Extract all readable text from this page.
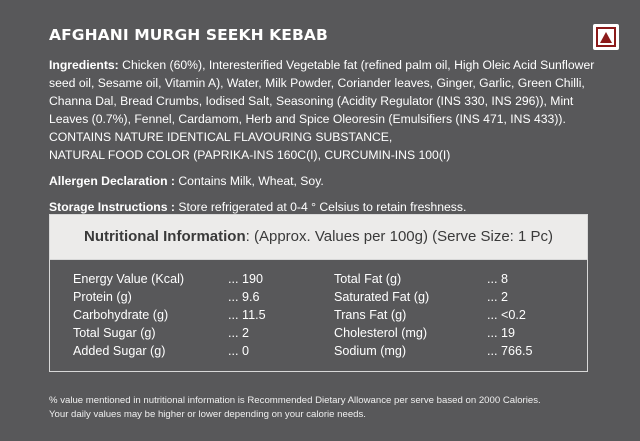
AFGHANI MURGH SEEKH KEBAB

Ingredients: Chicken (60%), Interesterified Vegetable fat (refined palm oil, High Oleic Acid Sunflower seed oil, Sesame oil, Vitamin A), Water, Milk Powder, Coriander leaves, Ginger, Garlic, Green Chilli, Channa Dal, Bread Crumbs, Iodised Salt, Seasoning (Acidity Regulator (INS 330, INS 296)), Mint Leaves (0.7%), Fennel, Cardamom, Herb and Spice Oleoresin (Emulsifiers (INS 471, INS 433)).

CONTAINS NATURE IDENTICAL FLAVOURING SUBSTANCE,

NATURAL FOOD COLOR (PAPRIKA-INS 160C(I), CURCUMIN-INS 100(I)

Allergen Declaration : Contains Milk, Wheat, Soy.

Storage Instructions : Store refrigerated at 0-4 ° Celsius to retain freshness.

Nutritional Information: (Approx. Values per 100g) (Serve Size: 1 Pc)
Energy Value (Kcal)	... 190	Total Fat (g)	... 8
Protein (g)	... 9.6	Saturated Fat (g)	... 2
Carbohydrate (g)	... 11.5	Trans Fat (g)	... <0.2
Total Sugar (g)	... 2	Cholesterol (mg)	... 19
Added Sugar (g)	... 0	Sodium (mg)	... 766.5
% value mentioned in nutritional information is Recommended Dietary Allowance per serve based on 2000 Calories.
Your daily values may be higher or lower depending on your calorie needs.
